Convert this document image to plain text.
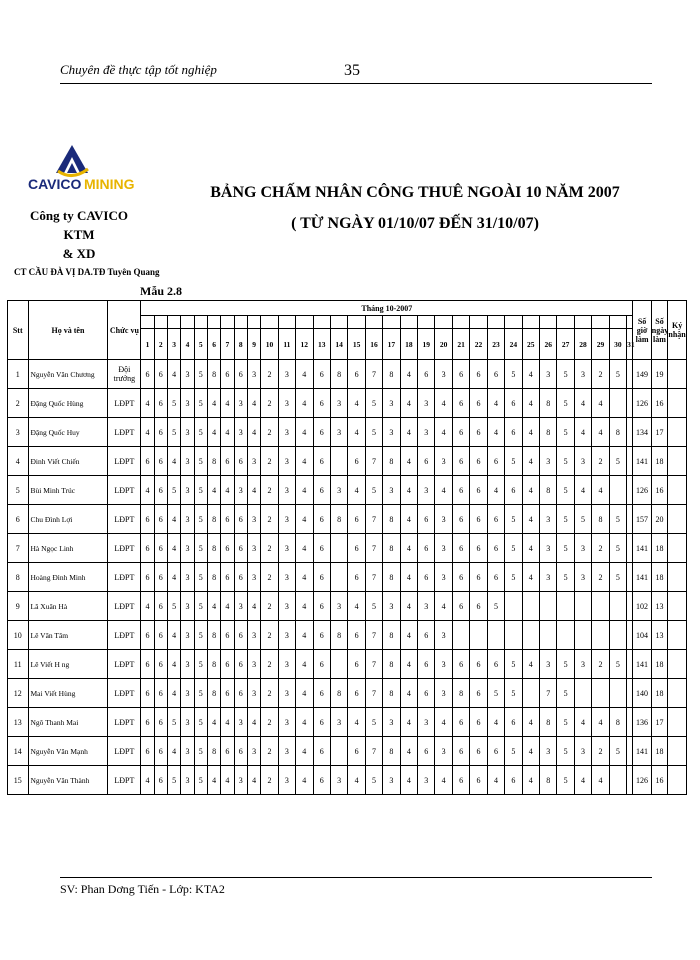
Chuyên đề thực tập tốt nghiệp	35
CAVICO MINING
Công ty CAVICO KTM
& XD
BẢNG CHẤM NHÂN CÔNG THUÊ NGOÀI 10 NĂM 2007
( TỪ NGÀY 01/10/07 ĐẾN 31/10/07)
CT CẦU ĐÀ VỊ DA.TĐ Tuyên Quang
Mẫu 2.8
Stt	Họ và tên	Chức vụ	Tháng 10-2007																															Số giờ làm	Số ngày làm	Ký nhận

			1	2	3	4	5	6	7	8	9	10	11	12	13	14	15	16	17	18	19	20	21	22	23	24	25	26	27	28	29	30	31			
1	Nguyễn Văn Chương	Đội trưởng	6	6	4	3	5	8	6	6	3	2	3	4	6	8	6	7	8	4	6	3	6	6	6	5	4	3	5	3	2	5		149	19	
2	Đặng Quốc Hùng	LĐPT	4	6	5	3	5	4	4	3	4	2	3	4	6	3	4	5	3	4	3	4	6	6	4	6	4	8	5	4	4			126	16	
3	Đặng Quốc Huy	LĐPT	4	6	5	3	5	4	4	3	4	2	3	4	6	3	4	5	3	4	3	4	6	6	4	6	4	8	5	4	4	8		134	17	
4	Đinh Viết Chiến	LĐPT	6	6	4	3	5	8	6	6	3	2	3	4	6		6	7	8	4	6	3	6	6	6	5	4	3	5	3	2	5		141	18	
5	Bùi Minh Trúc	LĐPT	4	6	5	3	5	4	4	3	4	2	3	4	6	3	4	5	3	4	3	4	6	6	4	6	4	8	5	4	4			126	16	
6	Chu Đình Lợi	LĐPT	6	6	4	3	5	8	6	6	3	2	3	4	6	8	6	7	8	4	6	3	6	6	6	5	4	3	5	5	8	5		157	20	
7	Hà Ngọc Linh	LĐPT	6	6	4	3	5	8	6	6	3	2	3	4	6		6	7	8	4	6	3	6	6	6	5	4	3	5	3	2	5		141	18	
8	Hoàng Đình Minh	LĐPT	6	6	4	3	5	8	6	6	3	2	3	4	6		6	7	8	4	6	3	6	6	6	5	4	3	5	3	2	5		141	18	
9	Lã Xuân Hà	LĐPT	4	6	5	3	5	4	4	3	4	2	3	4	6	3	4	5	3	4	3	4	6	6	5									102	13	
10	Lê Văn Tâm	LĐPT	6	6	4	3	5	8	6	6	3	2	3	4	6	8	6	7	8	4	6	3												104	13	
11	Lê Viết H ng	LĐPT	6	6	4	3	5	8	6	6	3	2	3	4	6		6	7	8	4	6	3	6	6	6	5	4	3	5	3	2	5		141	18	
12	Mai Viết Hùng	LĐPT	6	6	4	3	5	8	6	6	3	2	3	4	6	8	6	7	8	4	6	3	8	6	5	5		7	5					140	18	
13	Ngô Thanh Mai	LĐPT	6	6	5	3	5	4	4	3	4	2	3	4	6	3	4	5	3	4	3	4	6	6	4	6	4	8	5	4	4	8		136	17	
14	Nguyễn Văn Mạnh	LĐPT	6	6	4	3	5	8	6	6	3	2	3	4	6		6	7	8	4	6	3	6	6	6	5	4	3	5	3	2	5		141	18	
15	Nguyễn Văn Thành	LĐPT	4	6	5	3	5	4	4	3	4	2	3	4	6	3	4	5	3	4	3	4	6	6	4	6	4	8	5	4	4			126	16	
SV: Phan Dơng Tiến - Lớp: KTA2
